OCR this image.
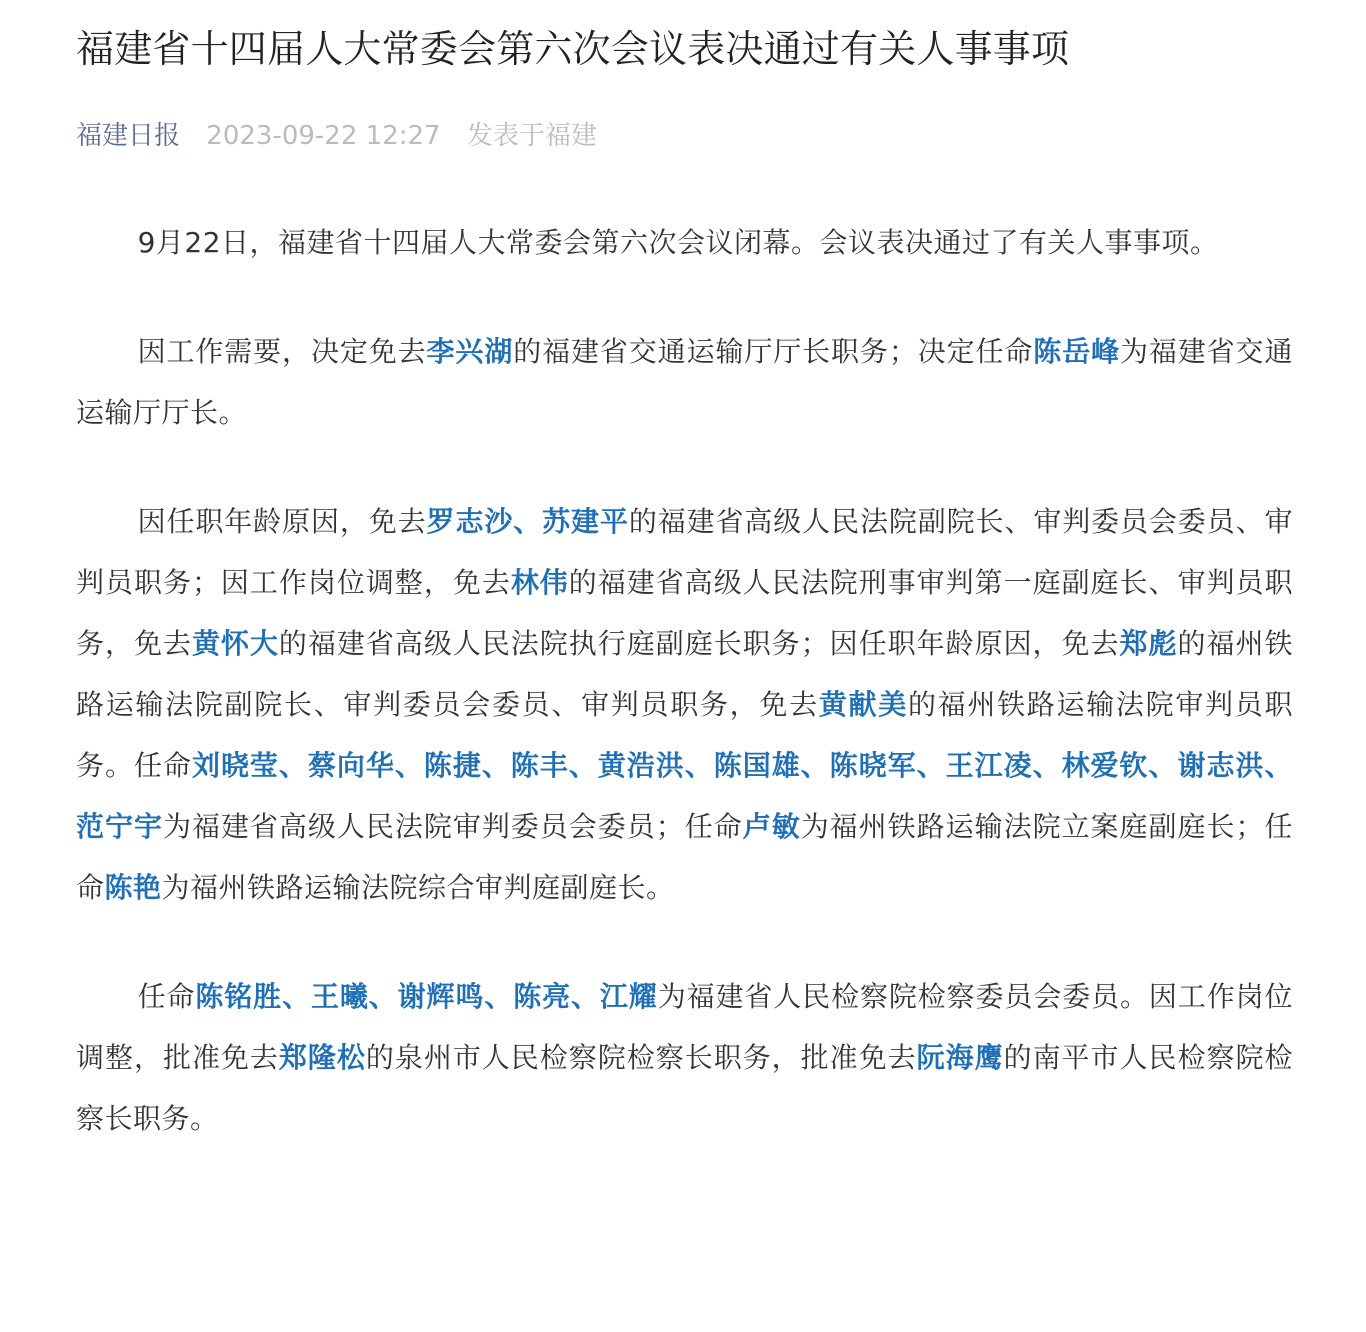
福建省十四届人大常委会第六次会议表决通过有关人事事项
福建日报 2023-09-22 12:27 发表于福建

9月22日，福建省十四届人大常委会第六次会议闭幕。会议表决通过了有关人事事项。

因工作需要，决定免去李兴湖的福建省交通运输厅厅长职务；决定任命陈岳峰为福建省交通运输厅厅长。

因任职年龄原因，免去罗志沙、苏建平的福建省高级人民法院副院长、审判委员会委员、审判员职务；因工作岗位调整，免去林伟的福建省高级人民法院刑事审判第一庭副庭长、审判员职务，免去黄怀大的福建省高级人民法院执行庭副庭长职务；因任职年龄原因，免去郑彪的福州铁路运输法院副院长、审判委员会委员、审判员职务，免去黄献美的福州铁路运输法院审判员职务。任命刘晓莹、蔡向华、陈捷、陈丰、黄浩洪、陈国雄、陈晓军、王江凌、林爱钦、谢志洪、范宁宇为福建省高级人民法院审判委员会委员；任命卢敏为福州铁路运输法院立案庭副庭长；任命陈艳为福州铁路运输法院综合审判庭副庭长。

任命陈铭胜、王曦、谢辉鸣、陈亮、江耀为福建省人民检察院检察委员会委员。因工作岗位调整，批准免去郑隆松的泉州市人民检察院检察长职务，批准免去阮海鹰的南平市人民检察院检察长职务。
